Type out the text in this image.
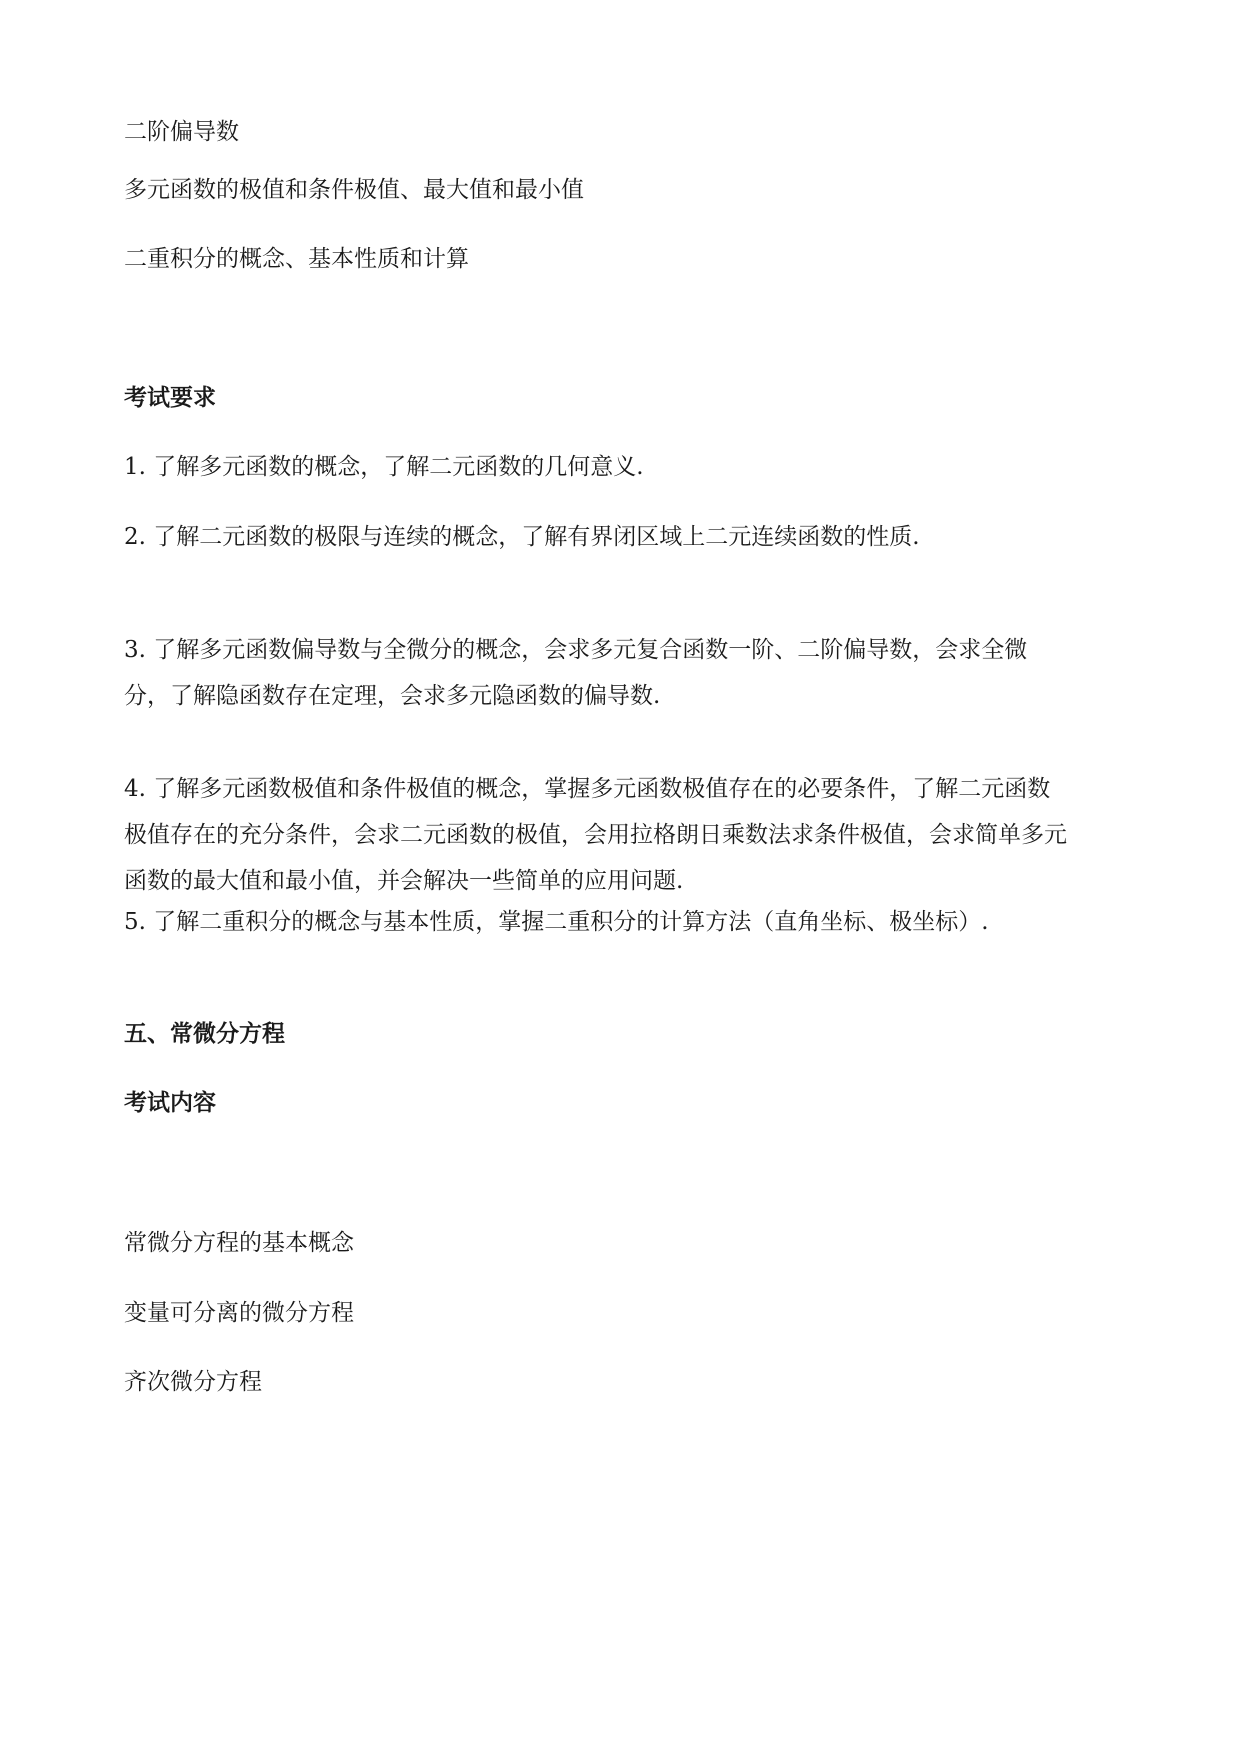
二阶偏导数
多元函数的极值和条件极值、最大值和最小值
二重积分的概念、基本性质和计算
考试要求
1. 了解多元函数的概念，了解二元函数的几何意义.
2. 了解二元函数的极限与连续的概念，了解有界闭区域上二元连续函数的性质.
3. 了解多元函数偏导数与全微分的概念，会求多元复合函数一阶、二阶偏导数，会求全微分，了解隐函数存在定理，会求多元隐函数的偏导数.
4. 了解多元函数极值和条件极值的概念，掌握多元函数极值存在的必要条件，了解二元函数极值存在的充分条件，会求二元函数的极值，会用拉格朗日乘数法求条件极值，会求简单多元函数的最大值和最小值，并会解决一些简单的应用问题.
5. 了解二重积分的概念与基本性质，掌握二重积分的计算方法（直角坐标、极坐标）.
五、常微分方程
考试内容
常微分方程的基本概念
变量可分离的微分方程
齐次微分方程
